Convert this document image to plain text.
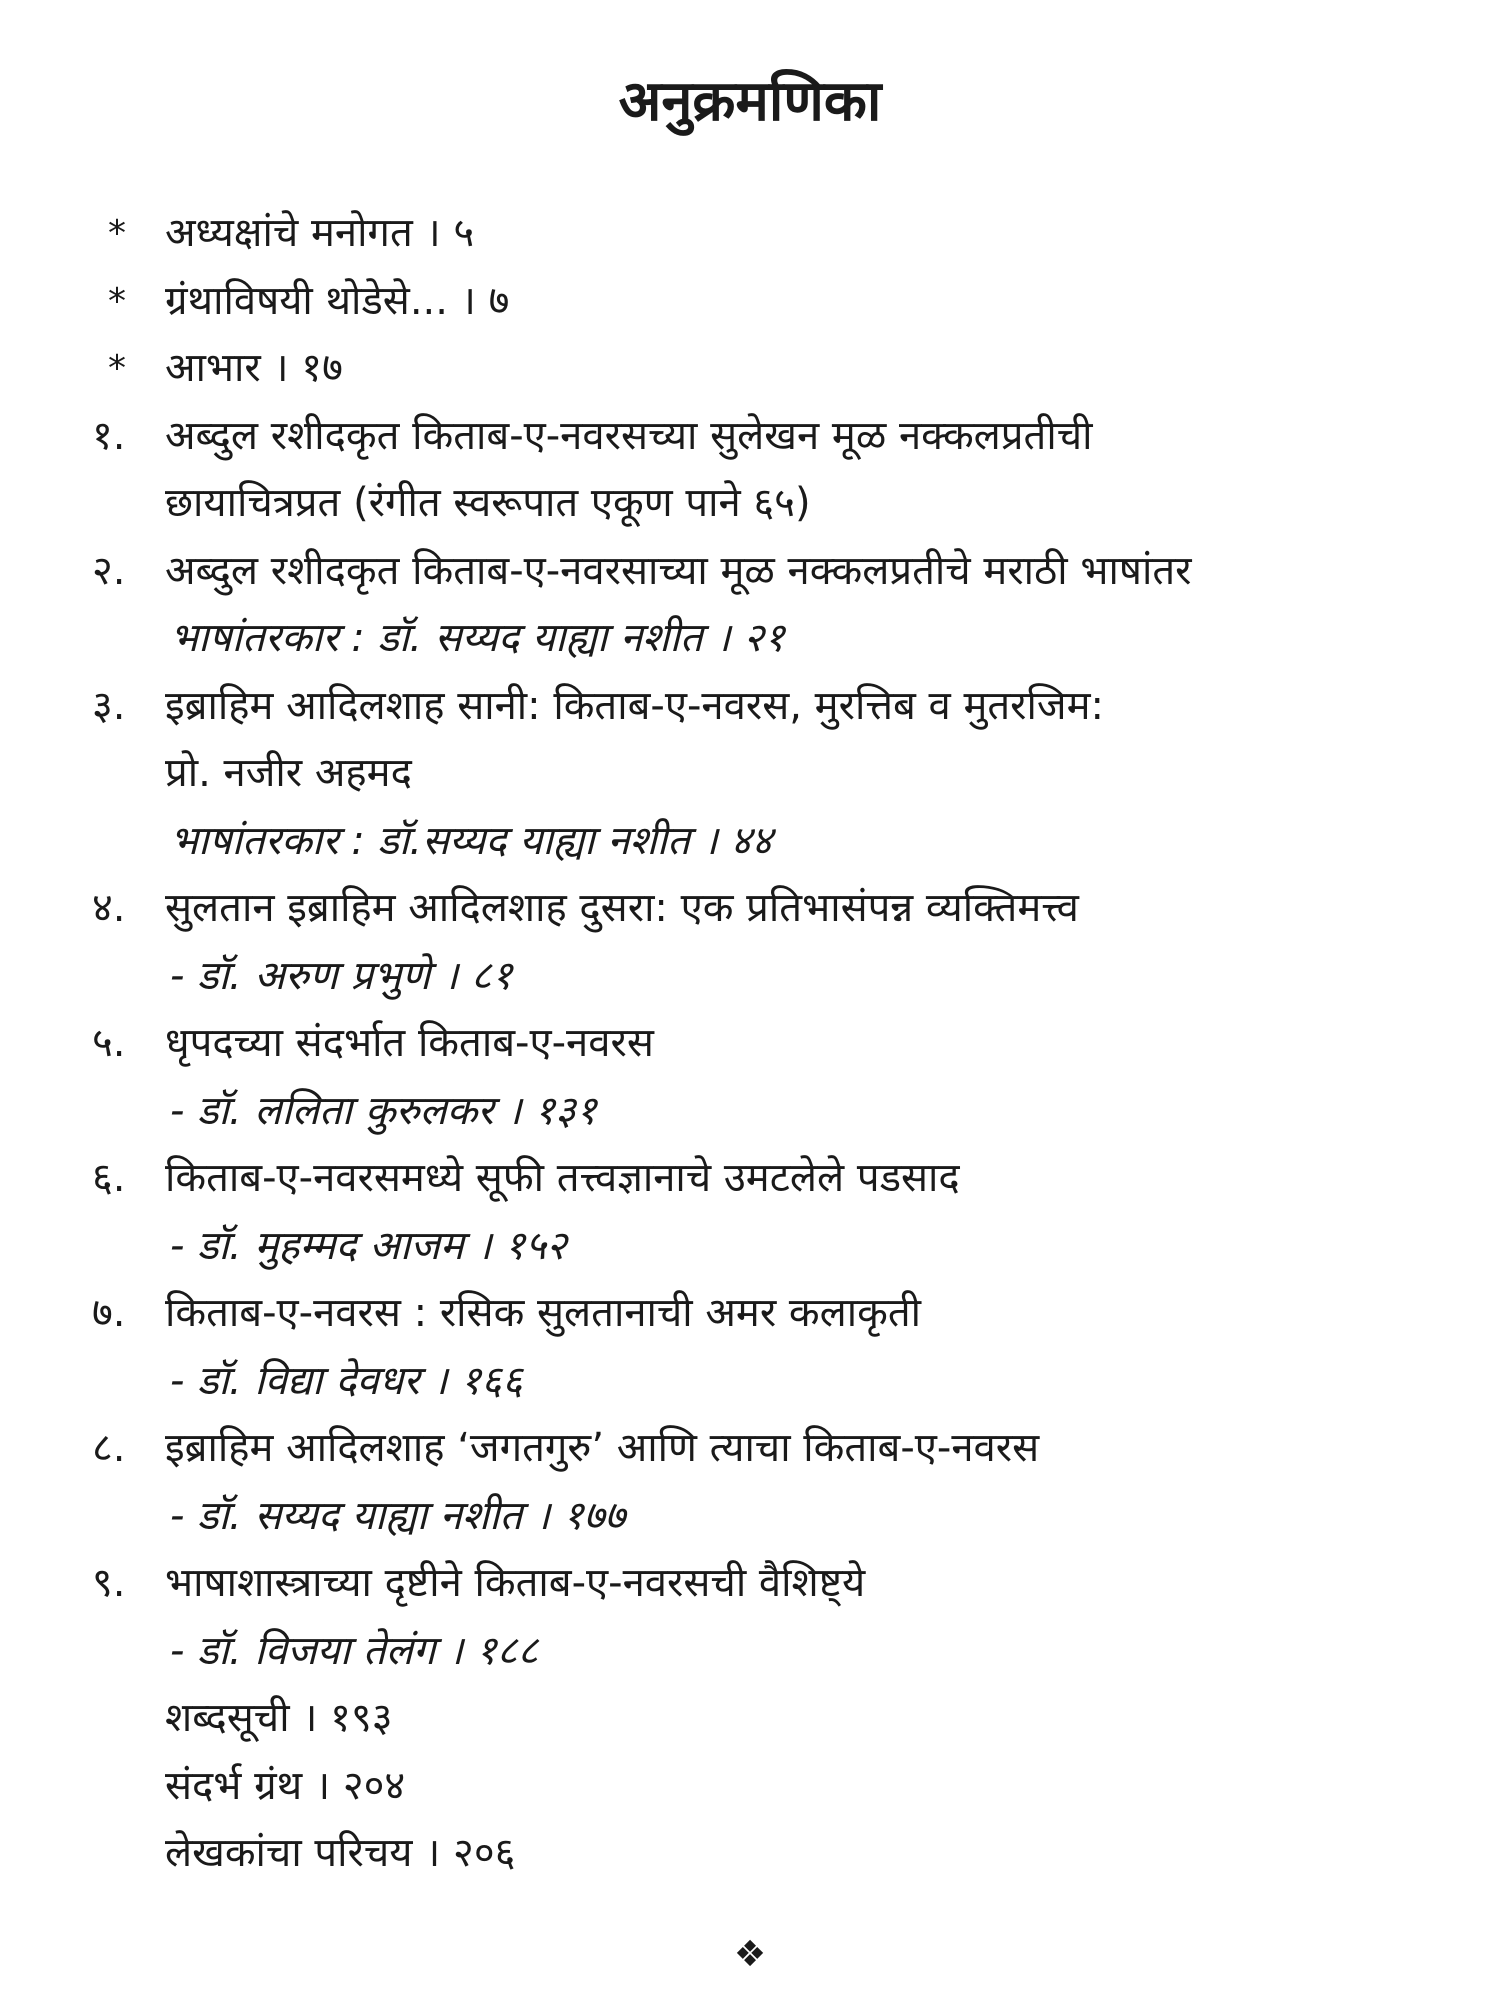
अनुक्रमणिका
* अध्यक्षांचे मनोगत । ५
* ग्रंथाविषयी थोडेसे... । ७
* आभार । १७
१. अब्दुल रशीदकृत किताब-ए-नवरसच्या सुलेखन मूळ नक्कलप्रतीची
छायाचित्रप्रत (रंगीत स्वरूपात एकूण पाने ६५)
२. अब्दुल रशीदकृत किताब-ए-नवरसाच्या मूळ नक्कलप्रतीचे मराठी भाषांतर
भाषांतरकार : डॉ. सय्यद याह्या नशीत । २१
३. इब्राहिम आदिलशाह सानी: किताब-ए-नवरस, मुरत्तिब व मुतरजिम:
प्रो. नजीर अहमद
भाषांतरकार : डॉ.सय्यद याह्या नशीत । ४४
४. सुलतान इब्राहिम आदिलशाह दुसरा: एक प्रतिभासंपन्न व्यक्तिमत्त्व
- डॉ. अरुण प्रभुणे । ८१
५. धृपदच्या संदर्भात किताब-ए-नवरस
- डॉ. ललिता कुरुलकर । १३१
६. किताब-ए-नवरसमध्ये सूफी तत्त्वज्ञानाचे उमटलेले पडसाद
- डॉ. मुहम्मद आजम । १५२
७. किताब-ए-नवरस : रसिक सुलतानाची अमर कलाकृती
- डॉ. विद्या देवधर । १६६
८. इब्राहिम आदिलशाह ‘जगतगुरु’ आणि त्याचा किताब-ए-नवरस
- डॉ. सय्यद याह्या नशीत । १७७
९. भाषाशास्त्राच्या दृष्टीने किताब-ए-नवरसची वैशिष्ट्ये
- डॉ. विजया तेलंग । १८८
शब्दसूची । १९३
संदर्भ ग्रंथ । २०४
लेखकांचा परिचय । २०६
❖
